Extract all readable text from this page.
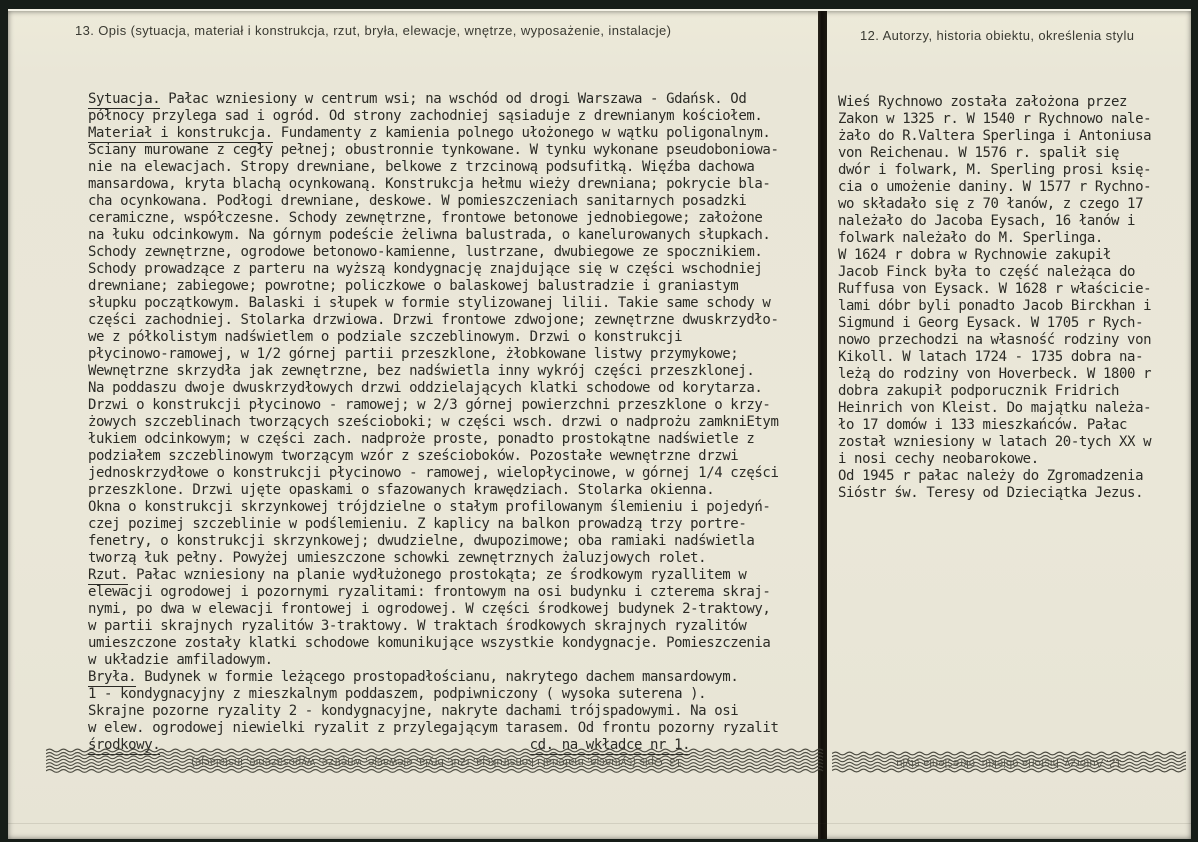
13. Opis (sytuacja, materiał i konstrukcja, rzut, bryła, elewacje, wnętrze, wyposażenie, instalacje)	12. Autorzy, historia obiektu, określenia stylu
Sytuacja. Pałac wzniesiony w centrum wsi; na wschód od drogi Warszawa - Gdańsk. Od
północy przylega sad i ogród. Od strony zachodniej sąsiaduje z drewnianym kościołem.
Materiał i konstrukcja. Fundamenty z kamienia polnego ułożonego w wątku poligonalnym.
Sciany murowane z cegły pełnej; obustronnie tynkowane. W tynku wykonane pseudoboniowa-
nie na elewacjach. Stropy drewniane, belkowe z trzcinową podsufitką. Więźba dachowa
mansardowa, kryta blachą ocynkowaną. Konstrukcja hełmu wieży drewniana; pokrycie bla-
cha ocynkowana. Podłogi drewniane, deskowe. W pomieszczeniach sanitarnych posadzki
ceramiczne, współczesne. Schody zewnętrzne, frontowe betonowe jednobiegowe; założone
na łuku odcinkowym. Na górnym podeście żeliwna balustrada, o kanelurowanych słupkach.
Schody zewnętrzne, ogrodowe betonowo-kamienne, lustrzane, dwubiegowe ze spocznikiem.
Schody prowadzące z parteru na wyższą kondygnację znajdujące się w części wschodniej
drewniane; zabiegowe; powrotne; policzkowe o balaskowej balustradzie i graniastym
słupku początkowym. Balaski i słupek w formie stylizowanej lilii. Takie same schody w
części zachodniej. Stolarka drzwiowa. Drzwi frontowe zdwojone; zewnętrzne dwuskrzydło-
we z półkolistym nadświetlem o podziale szczeblinowym. Drzwi o konstrukcji
płycinowo-ramowej, w 1/2 górnej partii przeszklone, żłobkowane listwy przymykowe;
Wewnętrzne skrzydła jak zewnętrzne, bez nadświetla inny wykrój części przeszklonej.
Na poddaszu dwoje dwuskrzydłowych drzwi oddzielających klatki schodowe od korytarza.
Drzwi o konstrukcji płycinowo - ramowej; w 2/3 górnej powierzchni przeszklone o krzy-
żowych szczeblinach tworzących sześcioboki; w części wsch. drzwi o nadprożu zamkniEtym
łukiem odcinkowym; w części zach. nadproże proste, ponadto prostokątne nadświetle z
podziałem szczeblinowym tworzącym wzór z sześcioboków. Pozostałe wewnętrzne drzwi
jednoskrzydłowe o konstrukcji płycinowo - ramowej, wielopłycinowe, w górnej 1/4 części
przeszklone. Drzwi ujęte opaskami o sfazowanych krawędziach. Stolarka okienna.
Okna o konstrukcji skrzynkowej trójdzielne o stałym profilowanym ślemieniu i pojedyń-
czej pozimej szczeblinie w podślemieniu. Z kaplicy na balkon prowadzą trzy portre-
fenetry, o konstrukcji skrzynkowej; dwudzielne, dwupozimowe; oba ramiaki nadświetla
tworzą łuk pełny. Powyżej umieszczone schowki zewnętrznych żaluzjowych rolet.
Rzut. Pałac wzniesiony na planie wydłużonego prostokąta; ze środkowym ryzallitem w
elewacji ogrodowej i pozornymi ryzalitami: frontowym na osi budynku i czterema skraj-
nymi, po dwa w elewacji frontowej i ogrodowej. W części środkowej budynek 2-traktowy,
w partii skrajnych ryzalitów 3-traktowy. W traktach środkowych skrajnych ryzalitów
umieszczone zostały klatki schodowe komunikujące wszystkie kondygnacje. Pomieszczenia
w układzie amfiladowym.
Bryła. Budynek w formie leżącego prostopadłościanu, nakrytego dachem mansardowym.
1 - kondygnacyjny z mieszkalnym poddaszem, podpiwniczony ( wysoka suterena ).
Skrajne pozorne ryzality 2 - kondygnacyjne, nakryte dachami trójspadowymi. Na osi
w elew. ogrodowej niewielki ryzalit z przylegającym tarasem. Od frontu pozorny ryzalit
środkowy.	cd. na wkładce nr 1.
Wieś Rychnowo została założona przez
Zakon w 1325 r. W 1540 r Rychnowo nale-
żało do R.Valtera Sperlinga i Antoniusa
von Reichenau. W 1576 r. spalił się
dwór i folwark, M. Sperling prosi księ-
cia o umożenie daniny. W 1577 r Rychno-
wo składało się z 70 łanów, z czego 17
należało do Jacoba Eysach, 16 łanów i
folwark należało do M. Sperlinga.
W 1624 r dobra w Rychnowie zakupił
Jacob Finck była to część należąca do
Ruffusa von Eysack. W 1628 r właścicie-
lami dóbr byli ponadto Jacob Birckhan i
Sigmund i Georg Eysack. W 1705 r Rych-
nowo przechodzi na własność rodziny von
Kikoll. W latach 1724 - 1735 dobra na-
leżą do rodziny von Hoverbeck. W 1800 r
dobra zakupił podporucznik Fridrich
Heinrich von Kleist. Do majątku należa-
ło 17 domów i 133 mieszkańców. Pałac
został wzniesiony w latach 20-tych XX w
i nosi cechy neobarokowe.
Od 1945 r pałac należy do Zgromadzenia
Sióstr św. Teresy od Dzieciątka Jezus.
13. Opis (sytuacja, materiał i konstrukcja, rzut, bryła, elewacje, wnętrze, wyposażenie, instalacje)	12. Autorzy, historia obiektu, określenia stylu
